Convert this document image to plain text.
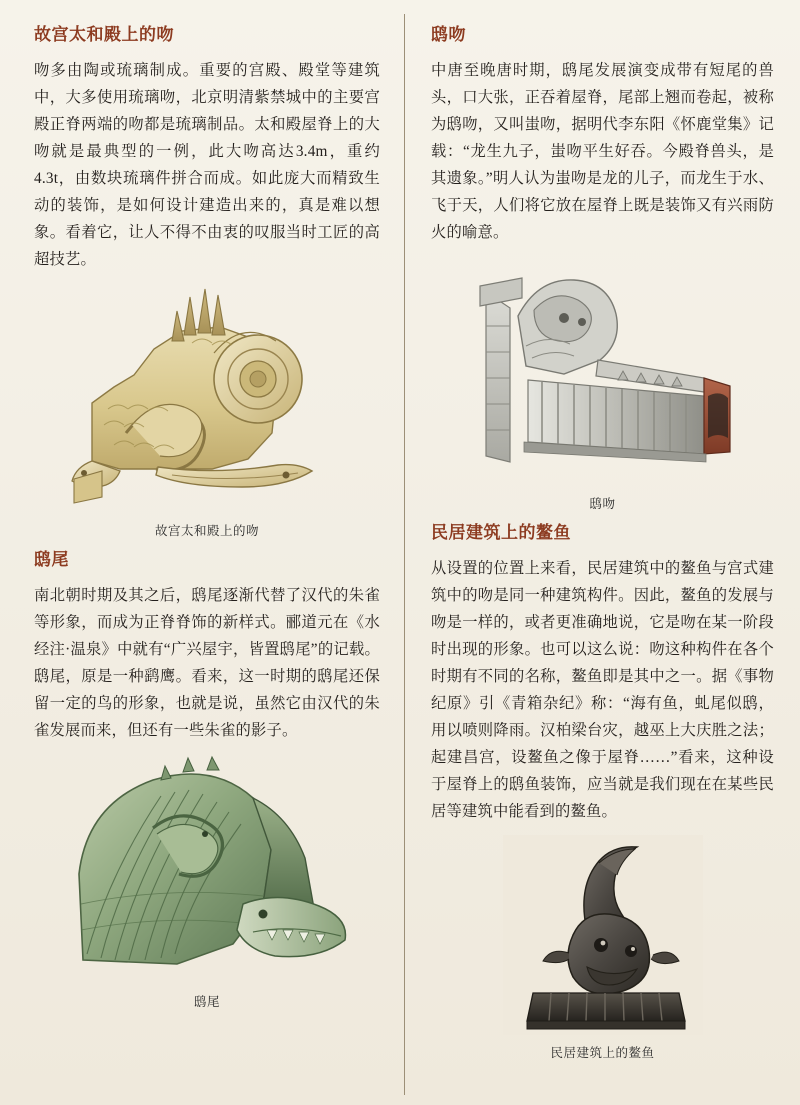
故宫太和殿上的吻

吻多由陶或琉璃制成。重要的宫殿、殿堂等建筑中，大多使用琉璃吻，北京明清紫禁城中的主要宫殿正脊两端的吻都是琉璃制品。太和殿屋脊上的大吻就是最典型的一例，此大吻高达3.4m，重约4.3t，由数块琉璃件拼合而成。如此庞大而精致生动的装饰，是如何设计建造出来的，真是难以想象。看着它，让人不得不由衷的叹服当时工匠的高超技艺。

故宫太和殿上的吻
鸱尾

南北朝时期及其之后，鸱尾逐渐代替了汉代的朱雀等形象，而成为正脊脊饰的新样式。郦道元在《水经注·温泉》中就有“广兴屋宇，皆置鸱尾”的记载。鸱尾，原是一种鹞鹰。看来，这一时期的鸱尾还保留一定的鸟的形象，也就是说，虽然它由汉代的朱雀发展而来，但还有一些朱雀的影子。

鸱尾
鸱吻

中唐至晚唐时期，鸱尾发展演变成带有短尾的兽头，口大张，正吞着屋脊，尾部上翘而卷起，被称为鸱吻，又叫蚩吻，据明代李东阳《怀鹿堂集》记载：“龙生九子，蚩吻平生好吞。今殿脊兽头，是其遗象。”明人认为蚩吻是龙的儿子，而龙生于水、飞于天，人们将它放在屋脊上既是装饰又有兴雨防火的喻意。

鸱吻
民居建筑上的鳌鱼

从设置的位置上来看，民居建筑中的鳌鱼与宫式建筑中的吻是同一种建筑构件。因此，鳌鱼的发展与吻是一样的，或者更准确地说，它是吻在某一阶段时出现的形象。也可以这么说：吻这种构件在各个时期有不同的名称，鳌鱼即是其中之一。据《事物纪原》引《青箱杂纪》称：“海有鱼，虬尾似鸱，用以喷则降雨。汉柏梁台灾，越巫上大庆胜之法；起建昌宫，设鳌鱼之像于屋脊……”看来，这种设于屋脊上的鸱鱼装饰，应当就是我们现在在某些民居等建筑中能看到的鳌鱼。

民居建筑上的鳌鱼
